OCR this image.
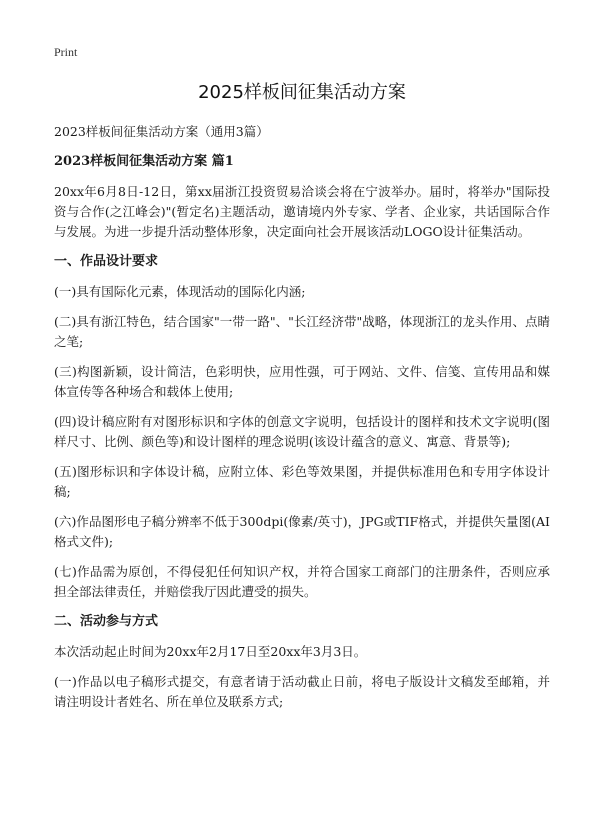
Print
2025样板间征集活动方案

2023样板间征集活动方案（通用3篇）

2023样板间征集活动方案 篇1

20xx年6月8日-12日，第xx届浙江投资贸易洽谈会将在宁波举办。届时，将举办"国际投资与合作(之江峰会)"(暂定名)主题活动，邀请境内外专家、学者、企业家，共话国际合作与发展。为进一步提升活动整体形象，决定面向社会开展该活动LOGO设计征集活动。

一、作品设计要求

(一)具有国际化元素，体现活动的国际化内涵;

(二)具有浙江特色，结合国家"一带一路"、"长江经济带"战略，体现浙江的龙头作用、点睛之笔;

(三)构图新颖，设计简洁，色彩明快，应用性强，可于网站、文件、信笺、宣传用品和媒体宣传等各种场合和载体上使用;

(四)设计稿应附有对图形标识和字体的创意文字说明，包括设计的图样和技术文字说明(图样尺寸、比例、颜色等)和设计图样的理念说明(该设计蕴含的意义、寓意、背景等);

(五)图形标识和字体设计稿，应附立体、彩色等效果图，并提供标准用色和专用字体设计稿;

(六)作品图形电子稿分辨率不低于300dpi(像素/英寸)，JPG或TIF格式，并提供矢量图(AI格式文件);

(七)作品需为原创，不得侵犯任何知识产权，并符合国家工商部门的注册条件，否则应承担全部法律责任，并赔偿我厅因此遭受的损失。

二、活动参与方式

本次活动起止时间为20xx年2月17日至20xx年3月3日。

(一)作品以电子稿形式提交，有意者请于活动截止日前，将电子版设计文稿发至邮箱，并请注明设计者姓名、所在单位及联系方式;
